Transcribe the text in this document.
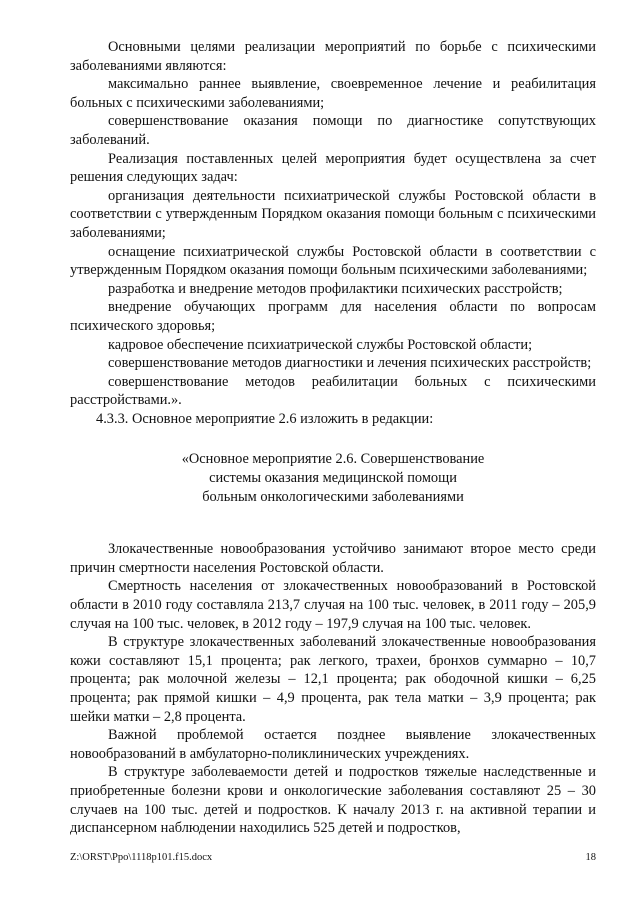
Основными целями реализации мероприятий по борьбе с психическими заболеваниями являются:

максимально раннее выявление, своевременное лечение и реабилитация больных с психическими заболеваниями;

совершенствование оказания помощи по диагностике сопутствующих заболеваний.

Реализация поставленных целей мероприятия будет осуществлена за счет решения следующих задач:

организация деятельности психиатрической службы Ростовской области в соответствии с утвержденным Порядком оказания помощи больным с психическими заболеваниями;

оснащение психиатрической службы Ростовской области в соответствии с утвержденным Порядком оказания помощи больным психическими заболеваниями;

разработка и внедрение методов профилактики психических расстройств;

внедрение обучающих программ для населения области по вопросам психического здоровья;

кадровое обеспечение психиатрической службы Ростовской области;

совершенствование методов диагностики и лечения психических расстройств;

совершенствование методов реабилитации больных с психическими расстройствами.».

4.3.3. Основное мероприятие 2.6 изложить в редакции:

«Основное мероприятие 2.6. Совершенствование
системы оказания медицинской помощи
больным онкологическими заболеваниями

Злокачественные новообразования устойчиво занимают второе место среди причин смертности населения Ростовской области.

Смертность населения от злокачественных новообразований в Ростовской области в 2010 году составляла 213,7 случая на 100 тыс. человек, в 2011 году – 205,9 случая на 100 тыс. человек, в 2012 году – 197,9 случая на 100 тыс. человек.

В структуре злокачественных заболеваний злокачественные новообразования кожи составляют 15,1 процента; рак легкого, трахеи, бронхов суммарно – 10,7 процента; рак молочной железы – 12,1 процента; рак ободочной кишки – 6,25 процента; рак прямой кишки – 4,9 процента, рак тела матки – 3,9 процента; рак шейки матки – 2,8 процента.

Важной проблемой остается позднее выявление злокачественных новообразований в амбулаторно-поликлинических учреждениях.

В структуре заболеваемости детей и подростков тяжелые наследственные и приобретенные болезни крови и онкологические заболевания составляют 25 – 30 случаев на 100 тыс. детей и подростков. К началу 2013 г. на активной терапии и диспансерном наблюдении находились 525 детей и подростков,

Z:\ORST\Ppo\1118p101.f15.docx	18
